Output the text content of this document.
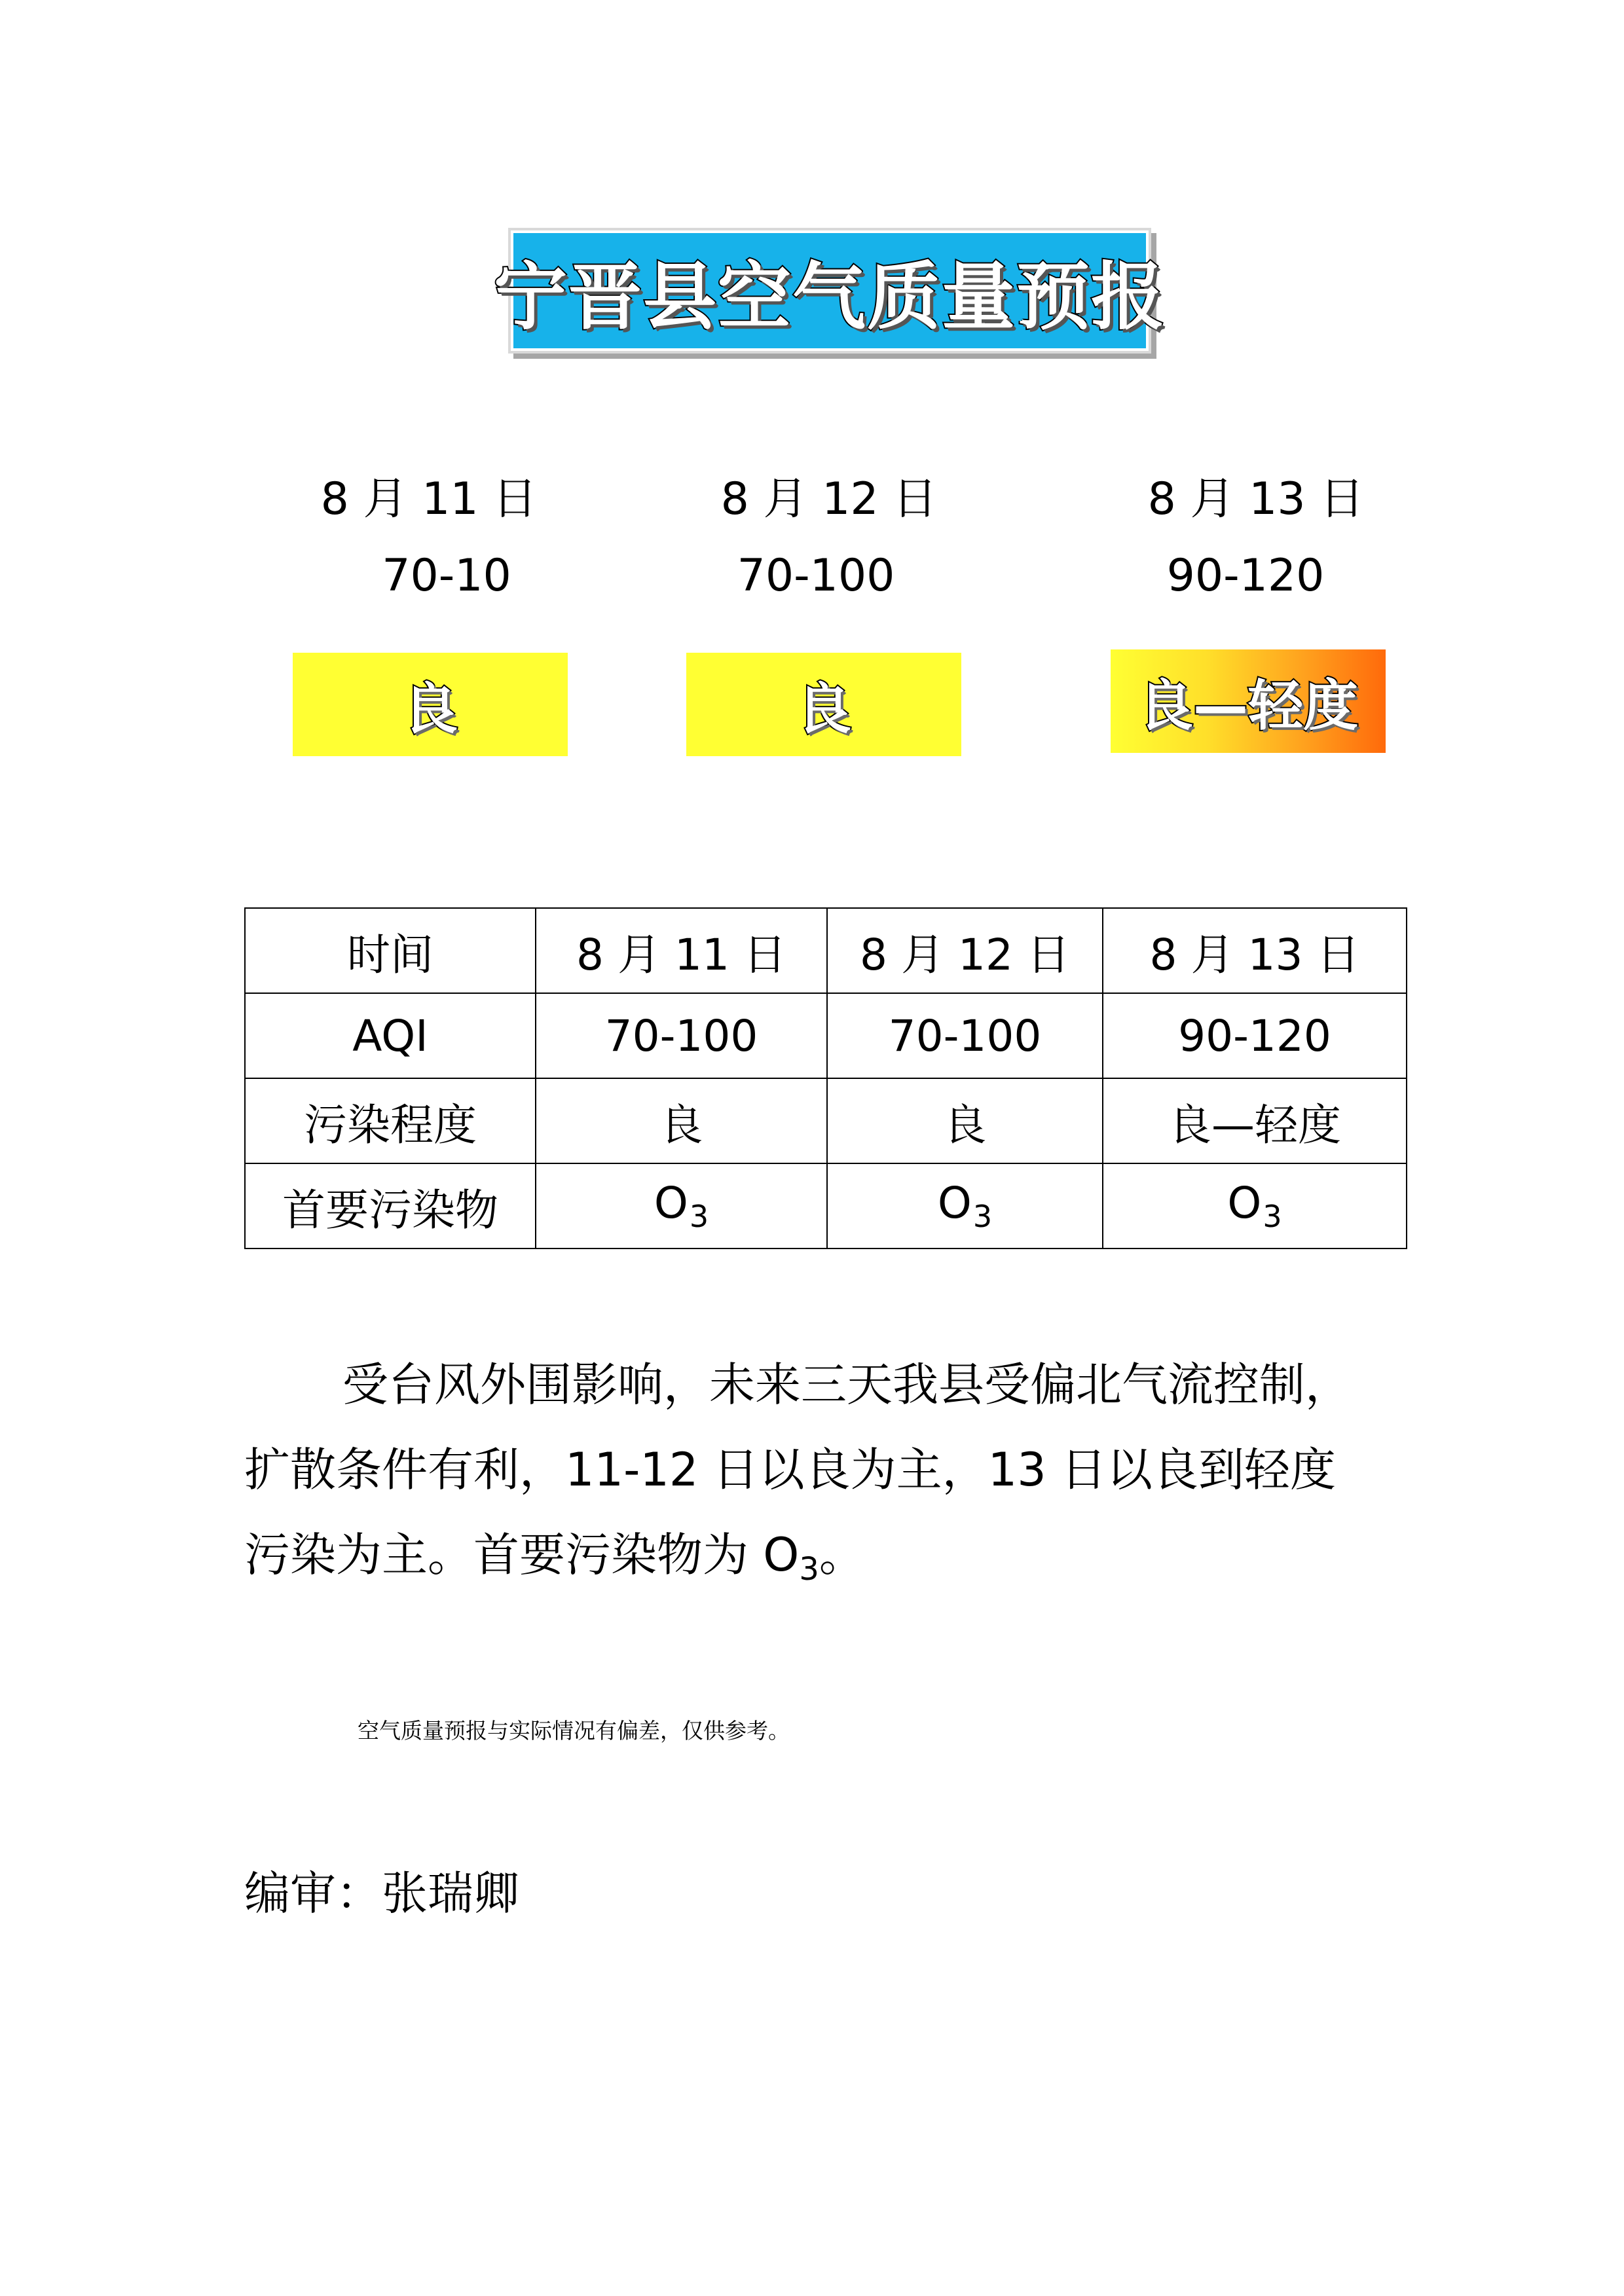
宁晋县空气质量预报
8 月 11 日
70-10
良
8 月 12 日
70-100
良
8 月 13 日
90-120
良—轻度
时间	8 月 11 日	8 月 12 日	8 月 13 日
AQI	70-100	70-100	90-120
污染程度	良	良	良—轻度
首要污染物	$O_3$	$O_3$	$O_3$
受台风外围影响，未来三天我县受偏北气流控制，
扩散条件有利，11-12 日以良为主，13 日以良到轻度
污染为主。首要污染物为 $O_3$。
空气质量预报与实际情况有偏差，仅供参考。
编审：张瑞卿
